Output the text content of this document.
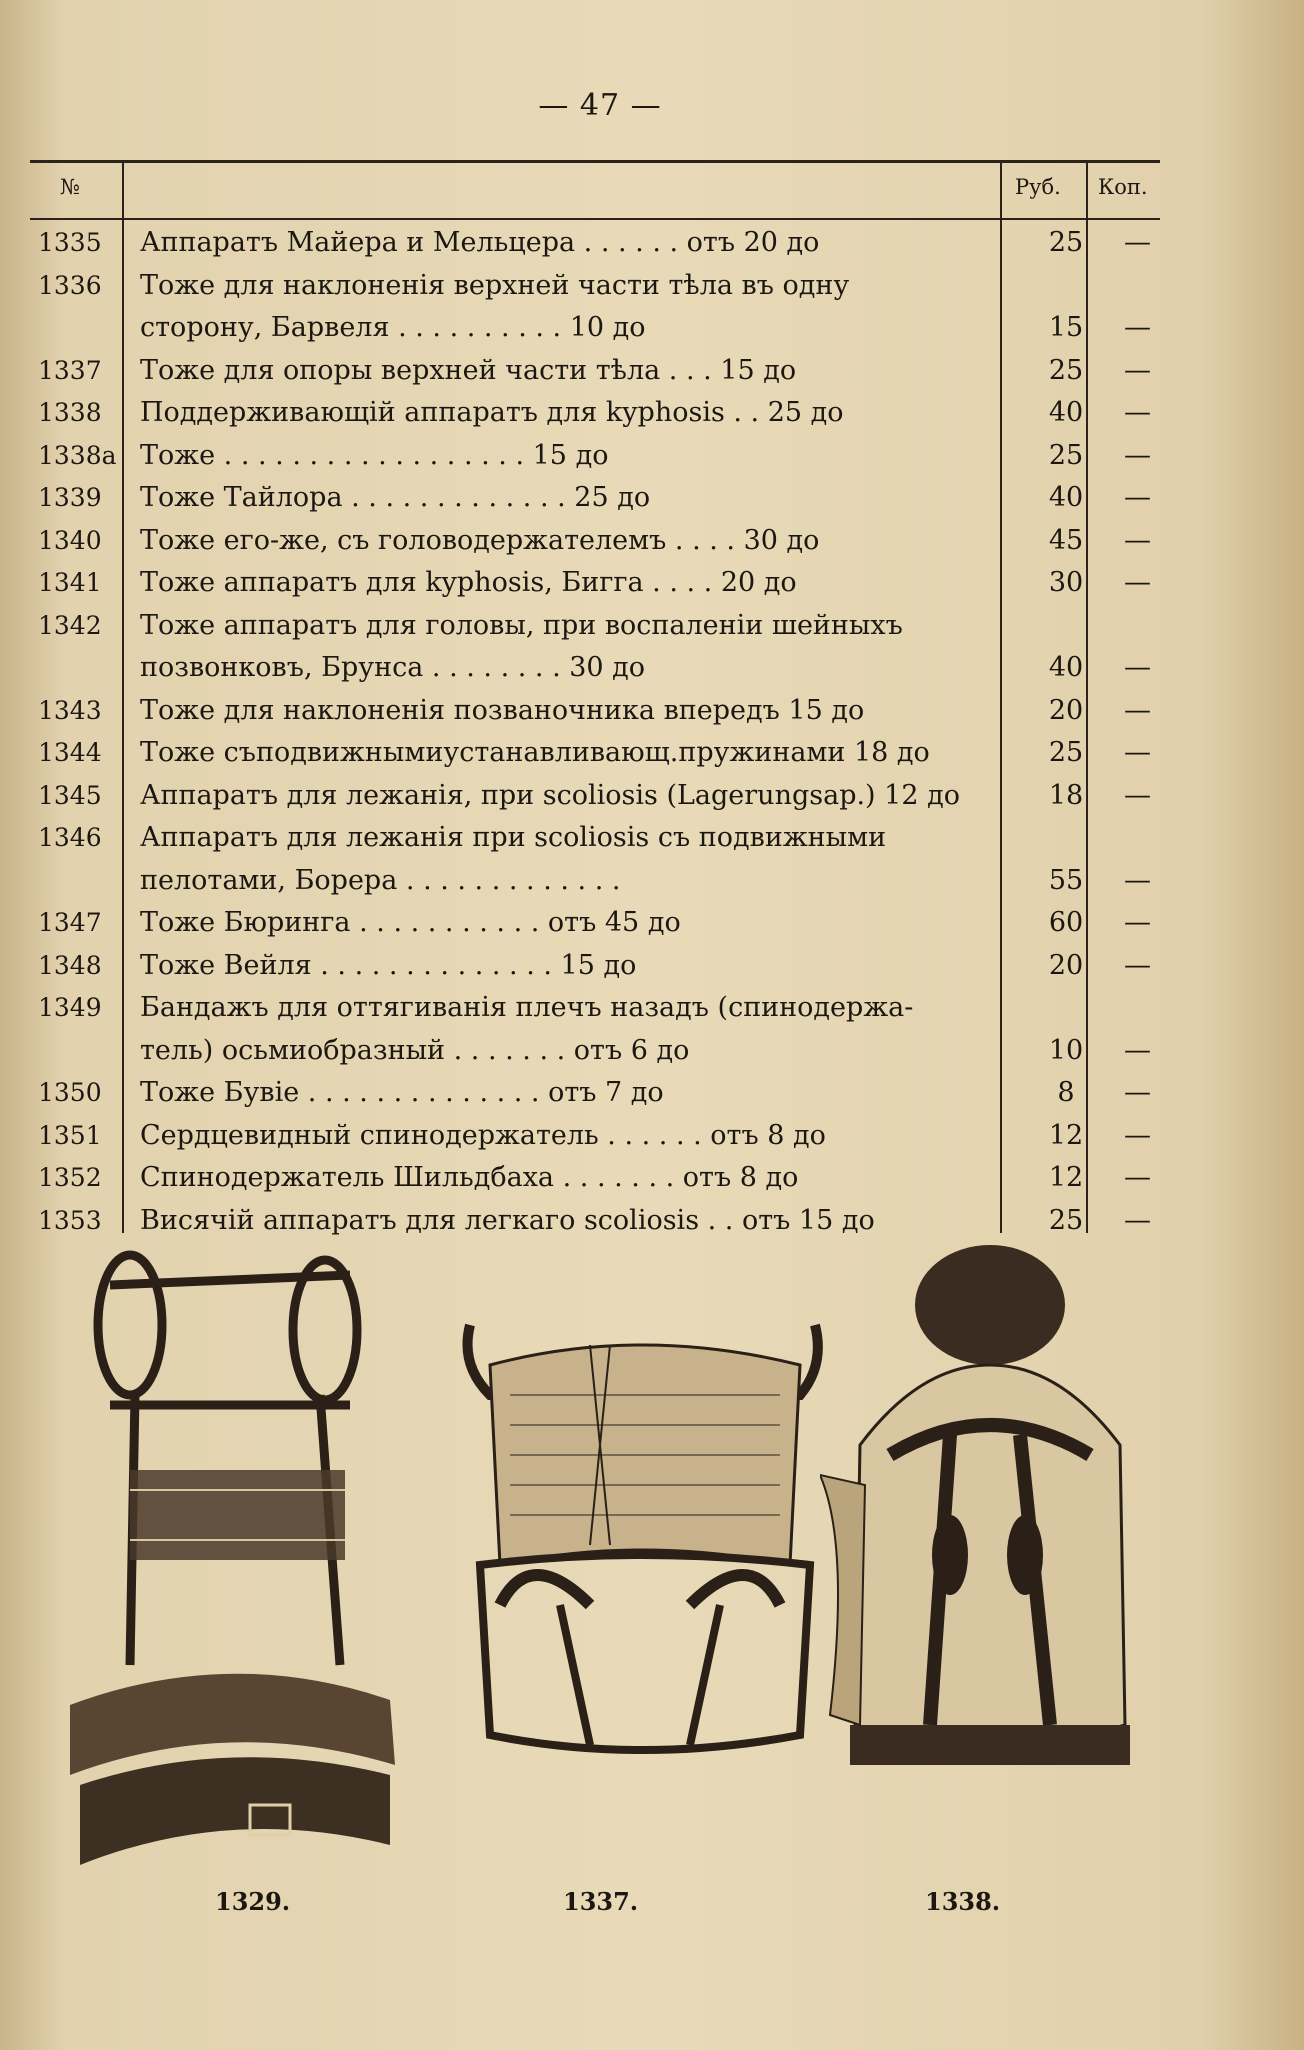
— 47 —
№	Руб. Коп.
1335	Аппаратъ Майера и Мельцера . . . . . . отъ 20 до	25	—
1336	Тоже для наклоненія верхней части тѣла въ одну
сторону, Барвеля . . . . . . . . . . 10 до	15	—
1337	Тоже для опоры верхней части тѣла . . . 15 до	25	—
1338	Поддерживающій аппаратъ для kyphosis . . 25 до	40	—
1338a Тоже . . . . . . . . . . . . . . . . . . 15 до	25	—
1339	Тоже Тайлора . . . . . . . . . . . . . 25 до	40	—
1340	Тоже его-же, съ головодержателемъ . . . . 30 до	45	—
1341	Тоже аппаратъ для kyphosis, Бигга . . . . 20 до	30	—
1342	Тоже аппаратъ для головы, при воспаленіи шейныхъ
позвонковъ, Брунса . . . . . . . . 30 до	40	—
1343	Тоже для наклоненія позваночника впередъ 15 до	20	—
1344	Тоже съподвижнымиустанавливающ.пружинами 18 до	25	—
1345	Аппаратъ для лежанія, при scoliosis (Lagerungsap.) 12 до	18	—
1346	Аппаратъ для лежанія при scoliosis съ подвижными
пелотами, Борера . . . . . . . . . . . . .	55	—
1347	Тоже Бюринга . . . . . . . . . . . отъ 45 до	60	—
1348	Тоже Вейля . . . . . . . . . . . . . . 15 до	20	—
1349	Бандажъ для оттягиванія плечъ назадъ (спинодержа-
тель) осьмиобразный . . . . . . . отъ 6 до	10	—
1350	Тоже Бувіе . . . . . . . . . . . . . . отъ 7 до	8	—
1351	Сердцевидный спинодержатель . . . . . . отъ 8 до	12	—
1352	Спинодержатель Шильдбаха . . . . . . . отъ 8 до	12	—
1353	Висячій аппаратъ для легкаго scoliosis . . отъ 15 до	25	—
1329.	1337.	1338.
